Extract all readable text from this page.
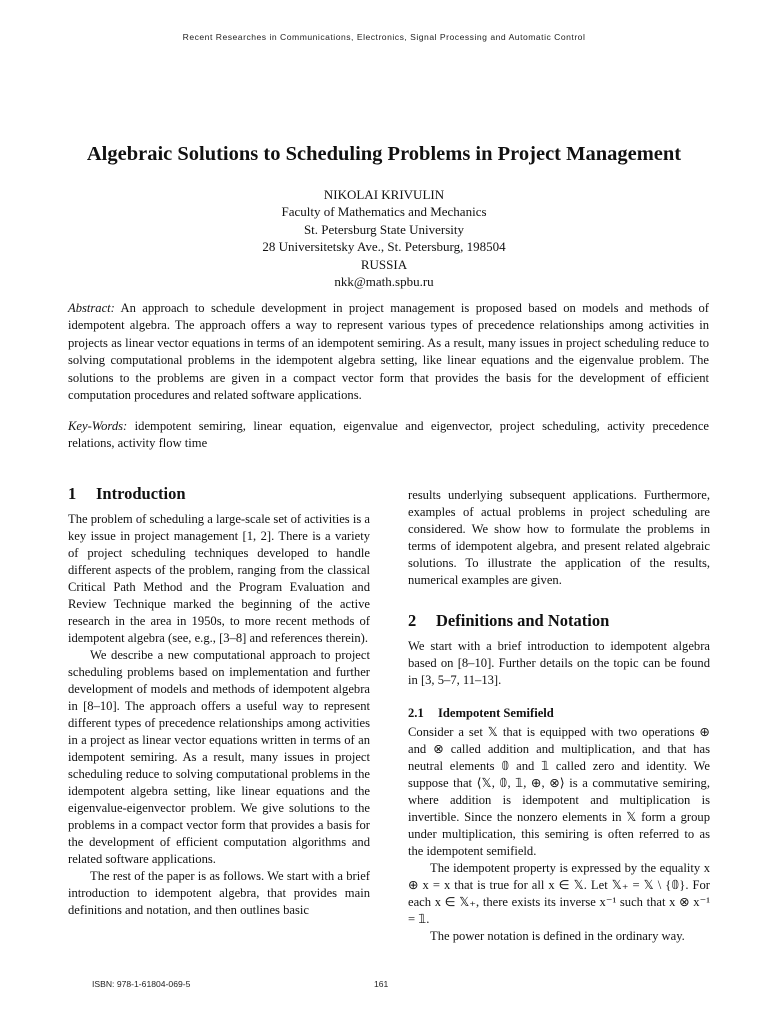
Recent Researches in Communications, Electronics, Signal Processing and Automatic Control
Algebraic Solutions to Scheduling Problems in Project Management
NIKOLAI KRIVULIN
Faculty of Mathematics and Mechanics
St. Petersburg State University
28 Universitetsky Ave., St. Petersburg, 198504
RUSSIA
nkk@math.spbu.ru
Abstract: An approach to schedule development in project management is proposed based on models and methods of idempotent algebra. The approach offers a way to represent various types of precedence relationships among activities in projects as linear vector equations in terms of an idempotent semiring. As a result, many issues in project scheduling reduce to solving computational problems in the idempotent algebra setting, like linear equations and the eigenvalue problem. The solutions to the problems are given in a compact vector form that provides the basis for the development of efficient computation procedures and related software applications.
Key-Words: idempotent semiring, linear equation, eigenvalue and eigenvector, project scheduling, activity precedence relations, activity flow time
1 Introduction

The problem of scheduling a large-scale set of activities is a key issue in project management [1, 2]. There is a variety of project scheduling techniques developed to handle different aspects of the problem, ranging from the classical Critical Path Method and the Program Evaluation and Review Technique marked the beginning of the active research in the area in 1950s, to more recent methods of idempotent algebra (see, e.g., [3–8] and references therein).

We describe a new computational approach to project scheduling problems based on implementation and further development of models and methods of idempotent algebra in [8–10]. The approach offers a useful way to represent different types of precedence relationships among activities in a project as linear vector equations written in terms of an idempotent semiring. As a result, many issues in project scheduling reduce to solving computational problems in the idempotent algebra setting, like linear equations and the eigenvalue-eigenvector problem. We give solutions to the problems in a compact vector form that provides a basis for the development of efficient computation algorithms and related software applications.

The rest of the paper is as follows. We start with a brief introduction to idempotent algebra, that provides main definitions and notation, and then outlines basic

results underlying subsequent applications. Furthermore, examples of actual problems in project scheduling are considered. We show how to formulate the problems in terms of idempotent algebra, and present related algebraic solutions. To illustrate the application of the results, numerical examples are given.

2 Definitions and Notation

We start with a brief introduction to idempotent algebra based on [8–10]. Further details on the topic can be found in [3, 5–7, 11–13].

2.1 Idempotent Semifield

Consider a set 𝕏 that is equipped with two operations ⊕ and ⊗ called addition and multiplication, and that has neutral elements 𝟘 and 𝟙 called zero and identity. We suppose that ⟨𝕏, 𝟘, 𝟙, ⊕, ⊗⟩ is a commutative semiring, where addition is idempotent and multiplication is invertible. Since the nonzero elements in 𝕏 form a group under multiplication, this semiring is often referred to as the idempotent semifield.

The idempotent property is expressed by the equality x ⊕ x = x that is true for all x ∈ 𝕏. Let 𝕏₊ = 𝕏 \ {𝟘}. For each x ∈ 𝕏₊, there exists its inverse x⁻¹ such that x ⊗ x⁻¹ = 𝟙.

The power notation is defined in the ordinary way.

ISBN: 978-1-61804-069-5	161
